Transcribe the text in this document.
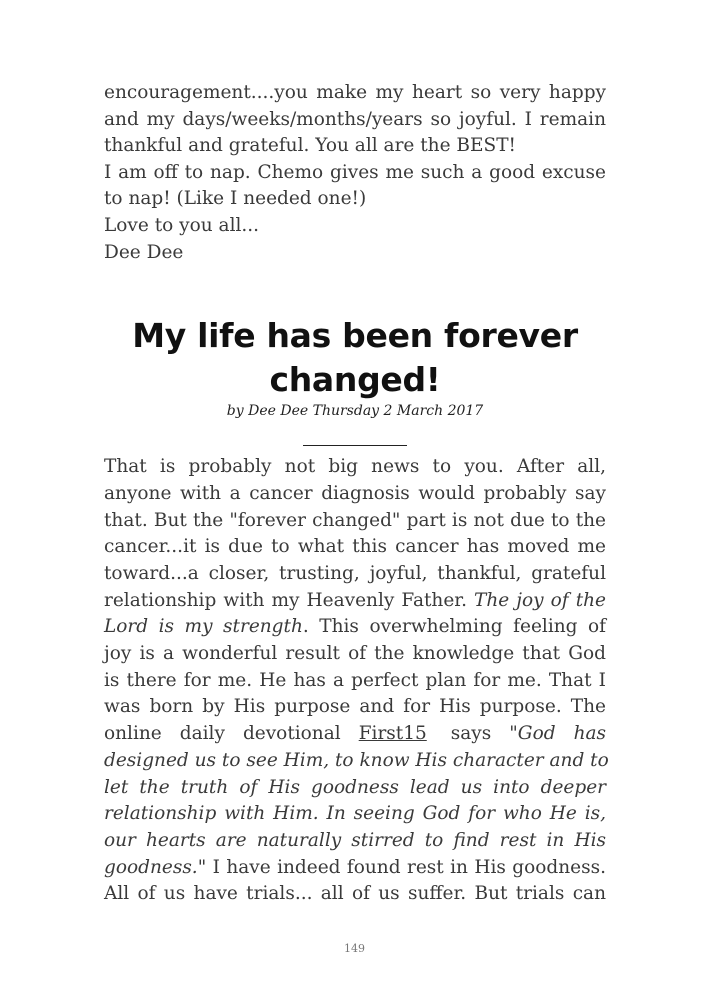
encouragement....you make my heart so very happy
and my days/weeks/months/years so joyful. I remain
thankful and grateful. You all are the BEST!
I am off to nap. Chemo gives me such a good excuse
to nap! (Like I needed one!)
Love to you all...
Dee Dee
My life has been forever
changed!
by Dee Dee Thursday 2 March 2017
That is probably not big news to you. After all,
anyone with a cancer diagnosis would probably say
that. But the "forever changed" part is not due to the
cancer...it is due to what this cancer has moved me
toward...a closer, trusting, joyful, thankful, grateful
relationship with my Heavenly Father. The joy of the
Lord is my strength. This overwhelming feeling of
joy is a wonderful result of the knowledge that God
is there for me. He has a perfect plan for me. That I
was born by His purpose and for His purpose. The
online daily devotional First15 says "God has
designed us to see Him, to know His character and to
let the truth of His goodness lead us into deeper
relationship with Him. In seeing God for who He is,
our hearts are naturally stirred to find rest in His
goodness." I have indeed found rest in His goodness.
All of us have trials... all of us suffer. But trials can
149
